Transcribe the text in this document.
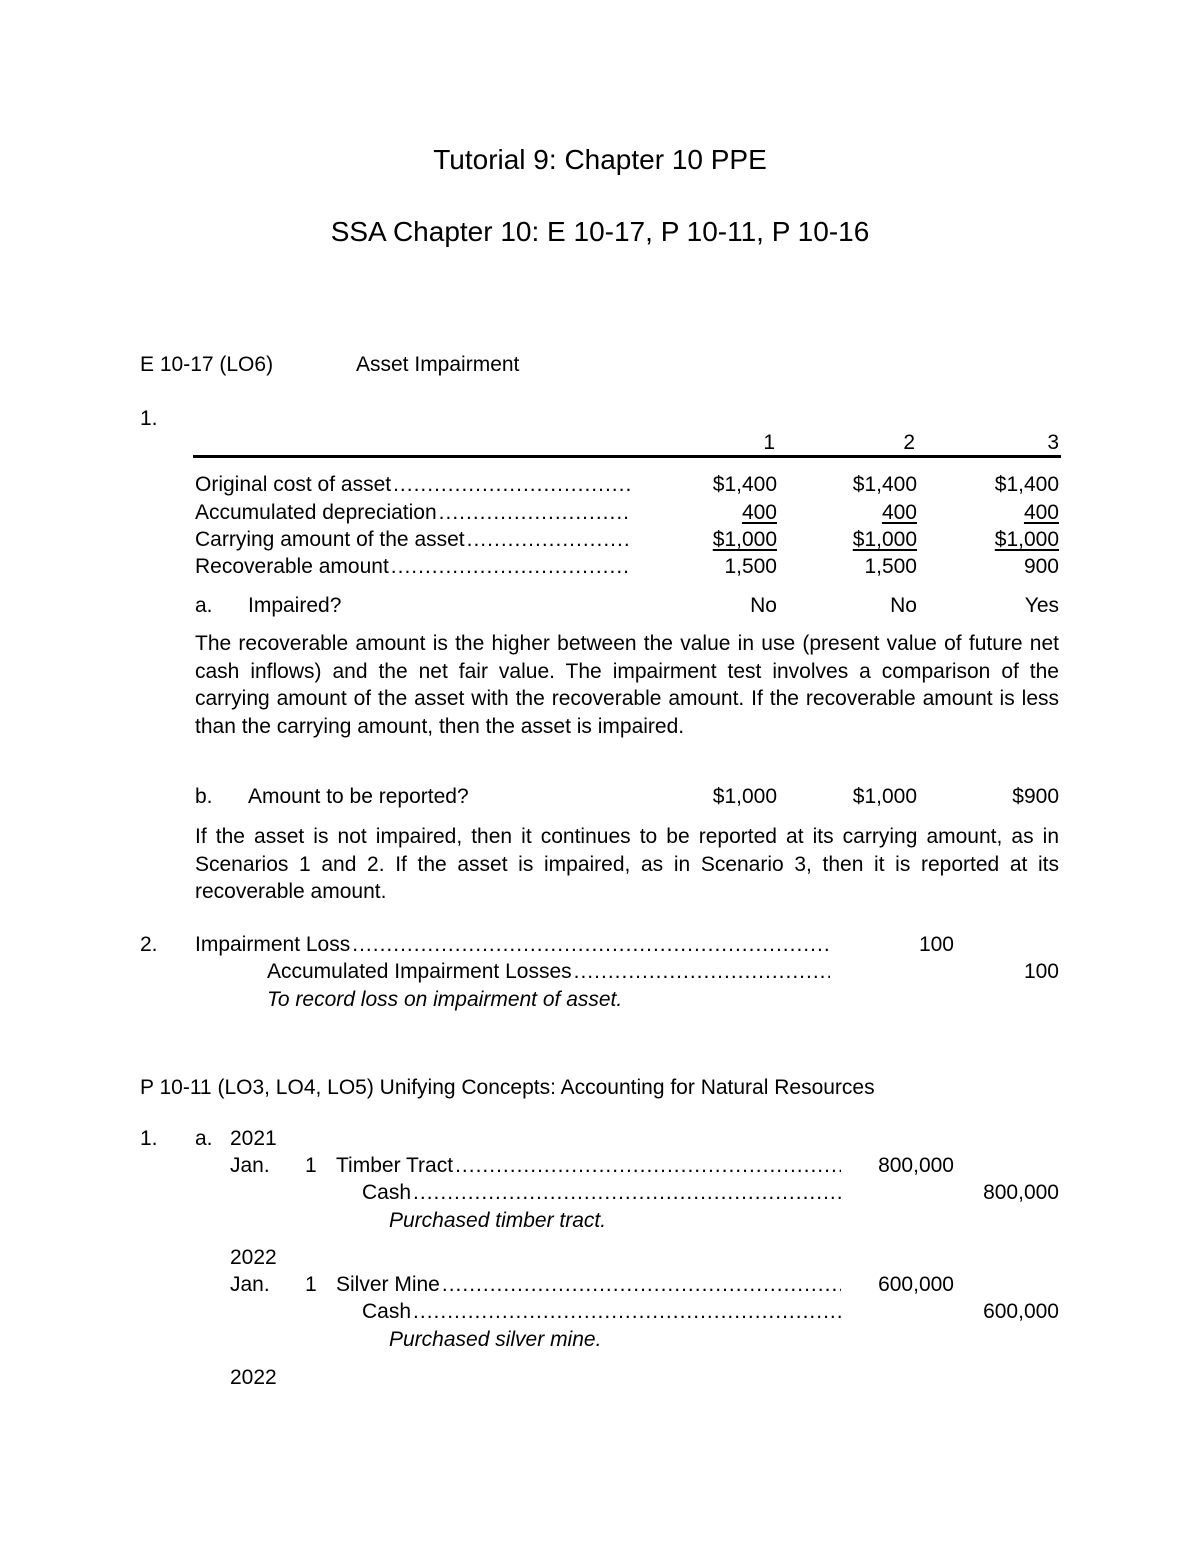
Tutorial 9: Chapter 10 PPE
SSA Chapter 10: E 10-17, P 10-11, P 10-16
E 10-17 (LO6)	Asset Impairment
1.
1	2	3
Original cost of asset .....	$1,400	$1,400	$1,400
Accumulated depreciation .....	400	400	400
Carrying amount of the asset .....	$1,000	$1,000	$1,000
Recoverable amount .....	1,500	1,500	900
a. Impaired?	No	No	Yes
The recoverable amount is the higher between the value in use (present value of future net cash inflows) and the net fair value. The impairment test involves a comparison of the carrying amount of the asset with the recoverable amount. If the recoverable amount is less than the carrying amount, then the asset is impaired.
b. Amount to be reported?	$1,000	$1,000	$900
If the asset is not impaired, then it continues to be reported at its carrying amount, as in Scenarios 1 and 2. If the asset is impaired, as in Scenario 3, then it is reported at its recoverable amount.
2. Impairment Loss .....	100
Accumulated Impairment Losses .....	100
To record loss on impairment of asset.
P 10-11 (LO3, LO4, LO5) Unifying Concepts: Accounting for Natural Resources
1. a. 2021
Jan. 1 Timber Tract .....	800,000
Cash .....	800,000
Purchased timber tract.
2022
Jan. 1 Silver Mine .....	600,000
Cash .....	600,000
Purchased silver mine.
2022
